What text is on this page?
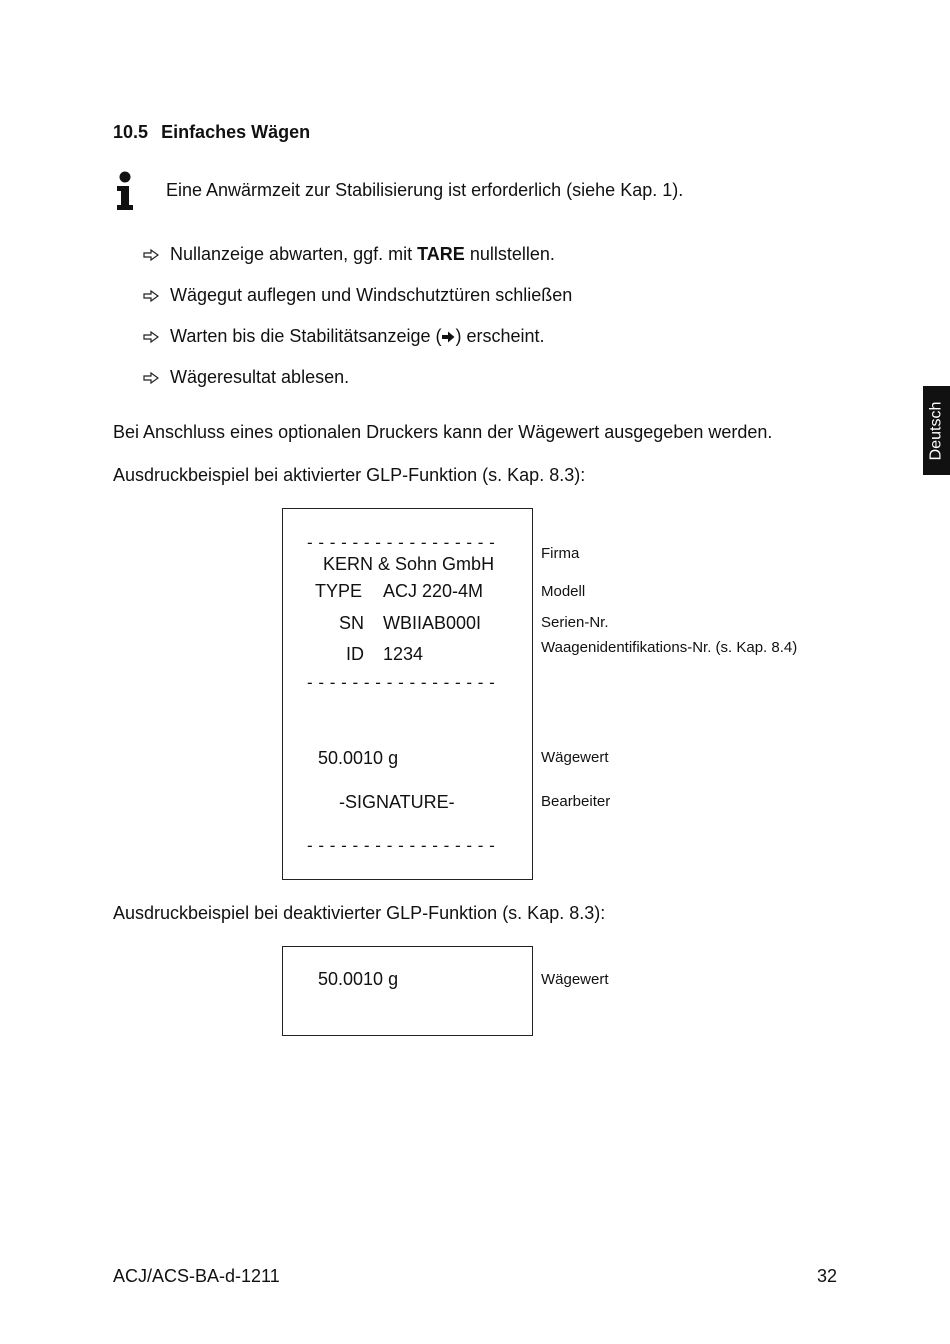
10.5 Einfaches Wägen
Eine Anwärmzeit zur Stabilisierung ist erforderlich (siehe Kap. 1).
Nullanzeige abwarten, ggf. mit TARE nullstellen.
Wägegut auflegen und Windschutztüren schließen
Warten bis die Stabilitätsanzeige ( ) erscheint.
Wägeresultat ablesen.
Bei Anschluss eines optionalen Druckers kann der Wägewert ausgegeben werden.
Ausdruckbeispiel bei aktivierter GLP-Funktion (s. Kap. 8.3):
- - - - - - - - - - - - - - - - -
KERN & Sohn GmbH
TYPE ACJ 220-4M
SN WBIIAB000I
ID 1234
- - - - - - - - - - - - - - - - -
50.0010 g
-SIGNATURE-
- - - - - - - - - - - - - - - - -
Firma
Modell
Serien-Nr.
Waagenidentifikations-Nr. (s. Kap. 8.4)
Wägewert
Bearbeiter
Ausdruckbeispiel bei deaktivierter GLP-Funktion (s. Kap. 8.3):
50.0010 g	Wägewert
Deutsch
ACJ/ACS-BA-d-1211	32
